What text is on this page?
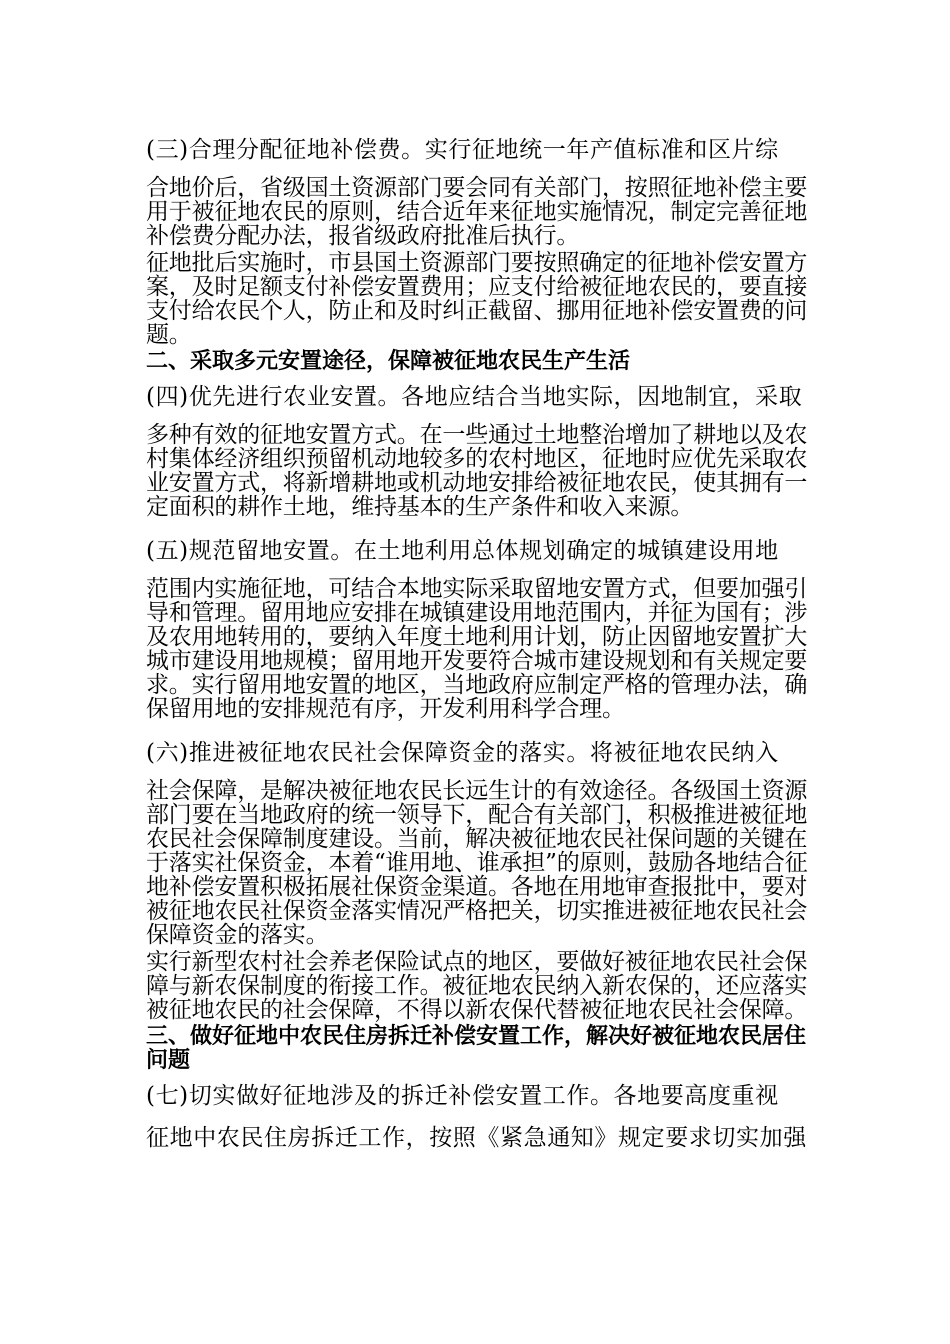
(三)合理分配征地补偿费。实行征地统一年产值标准和区片综

合地价后，省级国土资源部门要会同有关部门，按照征地补偿主要用于被征地农民的原则，结合近年来征地实施情况，制定完善征地补偿费分配办法，报省级政府批准后执行。

征地批后实施时，市县国土资源部门要按照确定的征地补偿安置方案，及时足额支付补偿安置费用；应支付给被征地农民的，要直接支付给农民个人，防止和及时纠正截留、挪用征地补偿安置费的问题。

二、采取多元安置途径，保障被征地农民生产生活

(四)优先进行农业安置。各地应结合当地实际，因地制宜，采取

多种有效的征地安置方式。在一些通过土地整治增加了耕地以及农村集体经济组织预留机动地较多的农村地区，征地时应优先采取农业安置方式，将新增耕地或机动地安排给被征地农民，使其拥有一定面积的耕作土地，维持基本的生产条件和收入来源。

(五)规范留地安置。在土地利用总体规划确定的城镇建设用地

范围内实施征地，可结合本地实际采取留地安置方式，但要加强引导和管理。留用地应安排在城镇建设用地范围内，并征为国有；涉及农用地转用的，要纳入年度土地利用计划，防止因留地安置扩大城市建设用地规模；留用地开发要符合城市建设规划和有关规定要求。实行留用地安置的地区，当地政府应制定严格的管理办法，确保留用地的安排规范有序，开发利用科学合理。

(六)推进被征地农民社会保障资金的落实。将被征地农民纳入

社会保障，是解决被征地农民长远生计的有效途径。各级国土资源部门要在当地政府的统一领导下，配合有关部门，积极推进被征地农民社会保障制度建设。当前，解决被征地农民社保问题的关键在于落实社保资金，本着“谁用地、谁承担”的原则，鼓励各地结合征地补偿安置积极拓展社保资金渠道。各地在用地审查报批中，要对被征地农民社保资金落实情况严格把关，切实推进被征地农民社会保障资金的落实。

实行新型农村社会养老保险试点的地区，要做好被征地农民社会保障与新农保制度的衔接工作。被征地农民纳入新农保的，还应落实被征地农民的社会保障，不得以新农保代替被征地农民社会保障。

三、做好征地中农民住房拆迁补偿安置工作，解决好被征地农民居住问题

(七)切实做好征地涉及的拆迁补偿安置工作。各地要高度重视

征地中农民住房拆迁工作，按照《紧急通知》规定要求切实加强
